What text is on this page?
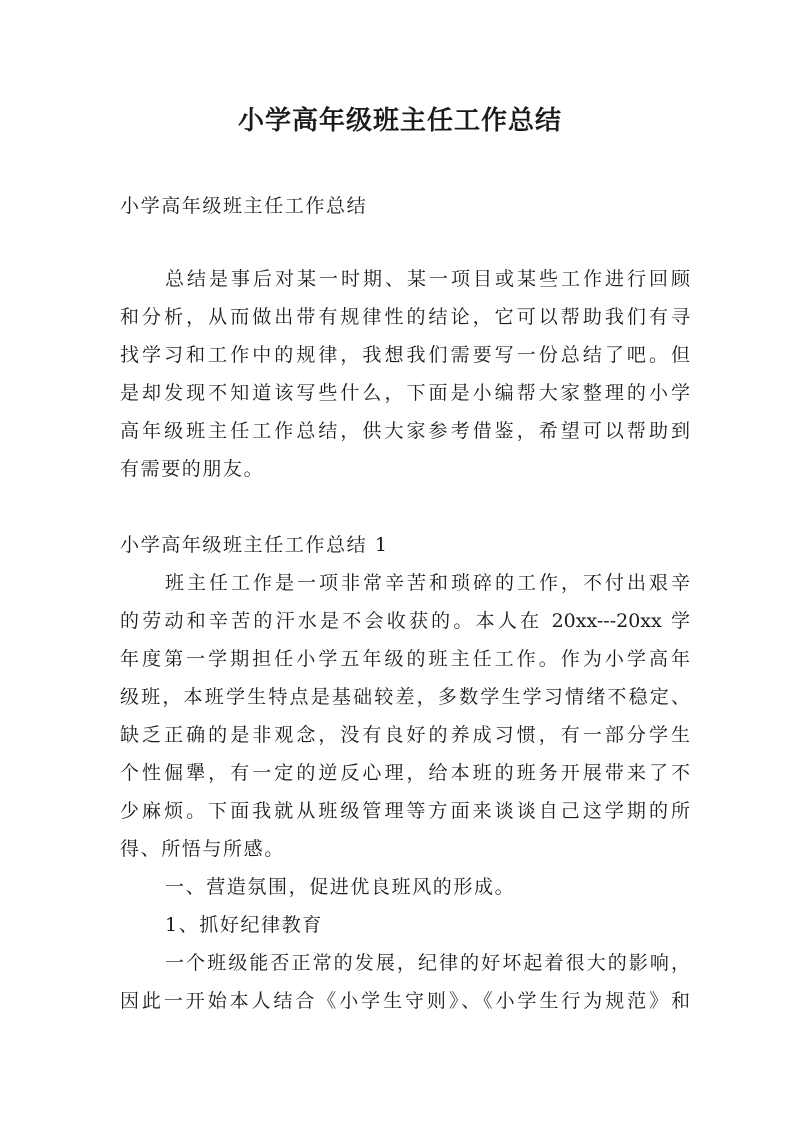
小学高年级班主任工作总结

小学高年级班主任工作总结

总结是事后对某一时期、某一项目或某些工作进行回顾

和分析，从而做出带有规律性的结论，它可以帮助我们有寻

找学习和工作中的规律，我想我们需要写一份总结了吧。但

是却发现不知道该写些什么，下面是小编帮大家整理的小学

高年级班主任工作总结，供大家参考借鉴，希望可以帮助到

有需要的朋友。

小学高年级班主任工作总结 1

班主任工作是一项非常辛苦和琐碎的工作，不付出艰辛

的劳动和辛苦的汗水是不会收获的。本人在 20xx---20xx 学

年度第一学期担任小学五年级的班主任工作。作为小学高年

级班，本班学生特点是基础较差，多数学生学习情绪不稳定、

缺乏正确的是非观念，没有良好的养成习惯，有一部分学生

个性倔犟，有一定的逆反心理，给本班的班务开展带来了不

少麻烦。下面我就从班级管理等方面来谈谈自己这学期的所

得、所悟与所感。

一、营造氛围，促进优良班风的形成。

1、抓好纪律教育

一个班级能否正常的发展，纪律的好坏起着很大的影响，

因此一开始本人结合《小学生守则》、《小学生行为规范》和
